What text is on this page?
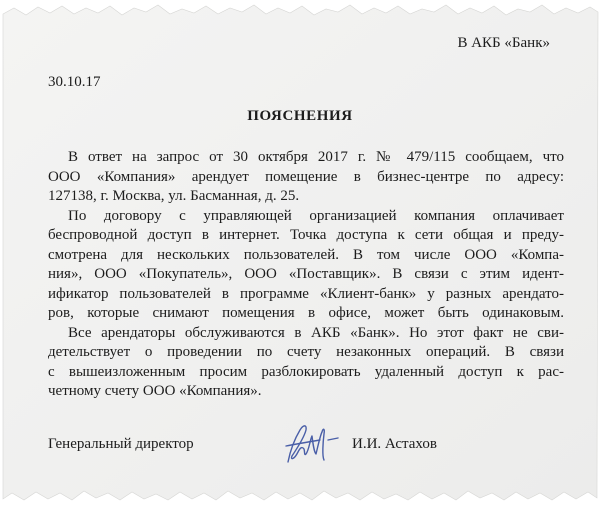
В АКБ «Банк»
30.10.17
ПОЯСНЕНИЯ
В ответ на запрос от 30 октября 2017 г. № 479/115 сообщаем, что
ООО «Компания» арендует помещение в бизнес-центре по адресу:
127138, г. Москва, ул. Басманная, д. 25.
По договору с управляющей организацией компания оплачивает
беспроводной доступ в интернет. Точка доступа к сети общая и преду-
смотрена для нескольких пользователей. В том числе ООО «Компа-
ния», ООО «Покупатель», ООО «Поставщик». В связи с этим идент-
ификатор пользователей в программе «Клиент-банк» у разных арендато-
ров, которые снимают помещения в офисе, может быть одинаковым.
Все арендаторы обслуживаются в АКБ «Банк». Но этот факт не сви-
детельствует о проведении по счету незаконных операций. В связи
с вышеизложенным просим разблокировать удаленный доступ к рас-
четному счету ООО «Компания».
Генеральный директор	И.И. Астахов
